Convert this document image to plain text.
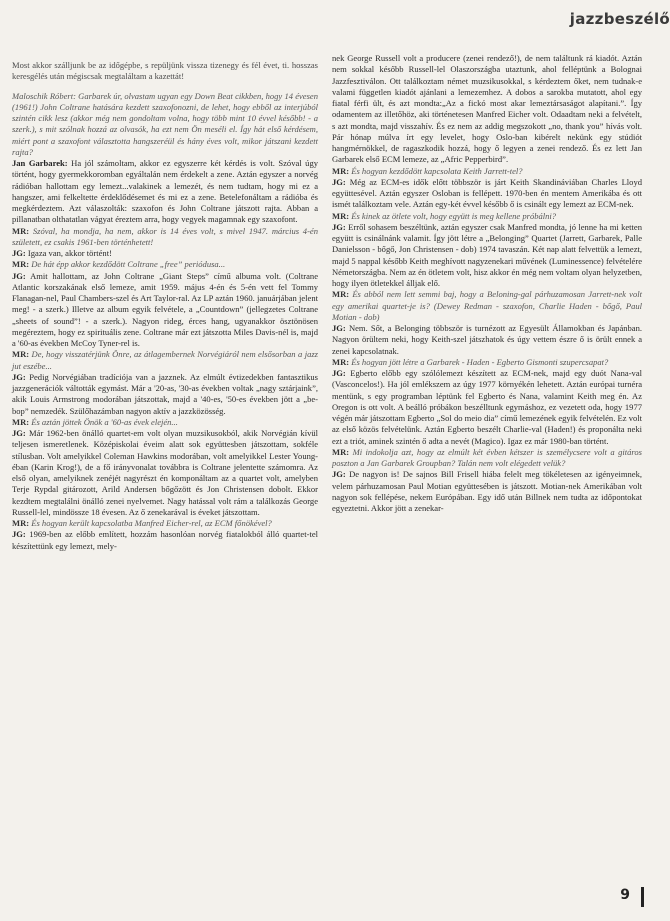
jazzbeszélő

Most akkor szálljunk be az időgépbe, s repüljünk vissza tizenegy és fél évet, ti. hosszas keresgélés után mégiscsak megtaláltam a kazettát!

Maloschik Róbert: Garbarek úr, olvastam ugyan egy Down Beat cikkben, hogy 14 évesen (1961!) John Coltrane hatására kezdett szaxofonozni, de lehet, hogy ebből az interjúból szintén cikk lesz (akkor még nem gondoltam volna, hogy több mint 10 évvel később! - a szerk.), s mit szólnak hozzá az olvasók, ha ezt nem Ön meséli el. Így hát első kérdésem, miért pont a szaxofont választotta hangszeréül és hány éves volt, mikor játszani kezdett rajta?

Jan Garbarek: Ha jól számoltam, akkor ez egyszerre két kérdés is volt. Szóval úgy történt, hogy gyermekkoromban egyáltalán nem érdekelt a zene. Aztán egyszer a norvég rádióban hallottam egy lemezt...valakinek a lemezét, és nem tudtam, hogy mi ez a hangszer, ami felkeltette érdeklődésemet és mi ez a zene. Betelefonáltam a rádióba és megkérdeztem. Azt válaszolták: szaxofon és John Coltrane játszott rajta. Abban a pillanatban olthatatlan vágyat éreztem arra, hogy vegyek magamnak egy szaxofont.

MR: Szóval, ha mondja, ha nem, akkor is 14 éves volt, s mivel 1947. március 4-én született, ez csakis 1961-ben történhetett!

JG: Igaza van, akkor történt!

MR: De hát épp akkor kezdődött Coltrane „free” periódusa...

JG: Amit hallottam, az John Coltrane „Giant Steps” című albuma volt. (Coltrane Atlantic korszakának első lemeze, amit 1959. május 4-én és 5-én vett fel Tommy Flanagan-nel, Paul Chambers-szel és Art Taylor-ral. Az LP aztán 1960. januárjában jelent meg! - a szerk.) Illetve az album egyik felvétele, a „Countdown” (jellegzetes Coltrane „sheets of sound”! - a szerk.). Nagyon rideg, érces hang, ugyanakkor ösztönösen megéreztem, hogy ez spirituális zene. Coltrane már ezt játszotta Miles Davis-nél is, majd a '60-as években McCoy Tyner-rel is.

MR: De, hogy visszatérjünk Önre, az átlagembernek Norvégiáról nem elsősorban a jazz jut eszébe...

JG: Pedig Norvégiában tradíciója van a jazznek. Az elmúlt évtizedekben fantasztikus jazzgenerációk váltották egymást. Már a '20-as, '30-as években voltak „nagy sztárjaink”, akik Louis Armstrong modorában játszottak, majd a '40-es, '50-es években jött a „be-bop” nemzedék. Szülőhazámban nagyon aktív a jazzközösség.

MR: És aztán jöttek Önök a '60-as évek elején...

JG: Már 1962-ben önálló quartet-em volt olyan muzsikusokból, akik Norvégián kívül teljesen ismeretlenek. Középiskolai éveim alatt sok együttesben játszottam, sokféle stílusban. Volt amelyikkel Coleman Hawkins modorában, volt amelyikkel Lester Young-éban (Karin Krog!), de a fő irányvonalat továbbra is Coltrane jelentette számomra. Az első olyan, amelyiknek zenéjét nagyrészt én komponáltam az a quartet volt, amelyben Terje Rypdal gitározott, Arild Andersen bőgőzött és Jon Christensen dobolt. Ekkor kezdtem megtalálni önálló zenei nyelvemet. Nagy hatással volt rám a találkozás George Russell-lel, mindössze 18 évesen. Az ő zenekarával is éveket játszottam.

MR: És hogyan került kapcsolatba Manfred Eicher-rel, az ECM főnökével?

JG: 1969-ben az előbb említett, hozzám hasonlóan norvég fiatalokból álló quartet-tel készítettünk egy lemezt, mely-

nek George Russell volt a producere (zenei rendező!), de nem találtunk rá kiadót. Aztán nem sokkal később Russell-lel Olaszországba utaztunk, ahol felléptünk a Bolognai Jazzfesztiválon. Ott találkoztam német muzsikusokkal, s kérdeztem őket, nem tudnak-e valami független kiadót ajánlani a lemezemhez. A dobos a sarokba mutatott, ahol egy fiatal férfi ült, és azt mondta:„Az a fickó most akar lemeztársaságot alapítani.”. Így odamentem az illetőhöz, aki történetesen Manfred Eicher volt. Odaadtam neki a felvételt, s azt mondta, majd visszahív. És ez nem az addig megszokott „no, thank you” hívás volt. Pár hónap múlva írt egy levelet, hogy Oslo-ban kibérelt nekünk egy stúdiót hangmérnökkel, de ragaszkodik hozzá, hogy ő legyen a zenei rendező. És ez lett Jan Garbarek első ECM lemeze, az „Afric Pepperbird”.

MR: És hogyan kezdődött kapcsolata Keith Jarrett-tel?

JG: Még az ECM-es idők előtt többször is járt Keith Skandináviában Charles Lloyd együttesével. Aztán egyszer Osloban is fellépett. 1970-ben én mentem Amerikába és ott ismét találkoztam vele. Aztán egy-két évvel később ő is csinált egy lemezt az ECM-nek.

MR: És kinek az ötlete volt, hogy együtt is meg kellene próbálni?

JG: Erről sohasem beszéltünk, aztán egyszer csak Manfred mondta, jó lenne ha mi ketten együtt is csinálnánk valamit. Így jött létre a „Belonging” Quartet (Jarrett, Garbarek, Palle Danielsson - bőgő, Jon Christensen - dob) 1974 tavaszán. Két nap alatt felvettük a lemezt, majd 5 nappal később Keith meghívott nagyzenekari művének (Luminessence) felvételére Németországba. Nem az én ötletem volt, hisz akkor én még nem voltam olyan helyzetben, hogy ilyen ötletekkel álljak elő.

MR: És abból nem lett semmi baj, hogy a Beloning-gal párhuzamosan Jarrett-nek volt egy amerikai quartet-je is? (Dewey Redman - szaxofon, Charlie Haden - bőgő, Paul Motian - dob)

JG: Nem. Sőt, a Belonging többször is turnézott az Egyesült Államokban és Japánban. Nagyon örültem neki, hogy Keith-szel játszhatok és úgy vettem észre ő is örült ennek a zenei kapcsolatnak.

MR: És hogyan jött létre a Garbarek - Haden - Egberto Gismonti szupercsapat?

JG: Egberto előbb egy szólólemezt készített az ECM-nek, majd egy duót Nana-val (Vasconcelos!). Ha jól emlékszem az úgy 1977 környékén lehetett. Aztán európai turnéra mentünk, s egy programban léptünk fel Egberto és Nana, valamint Keith meg én. Az Oregon is ott volt. A beálló próbákon beszélltunk egymáshoz, ez vezetett oda, hogy 1977 végén már játszottam Egberto „Sol do meio dia” című lemezének egyik felvételén. Ez volt az első közös felvételünk. Aztán Egberto beszélt Charlie-val (Haden!) és proponálta neki ezt a triót, aminek szintén ő adta a nevét (Magico). Igaz ez már 1980-ban történt.

MR: Mi indokolja azt, hogy az elmúlt két évben kétszer is személycsere volt a gitáros poszton a Jan Garbarek Groupban? Talán nem volt elégedett velük?

JG: De nagyon is! De sajnos Bill Frisell hiába felelt meg tökéletesen az igényeimnek, velem párhuzamosan Paul Motian együttesében is játszott. Motian-nek Amerikában volt nagyon sok fellépése, nekem Európában. Egy idő után Billnek nem tudta az időpontokat egyeztetni. Akkor jött a zenekar-

9
